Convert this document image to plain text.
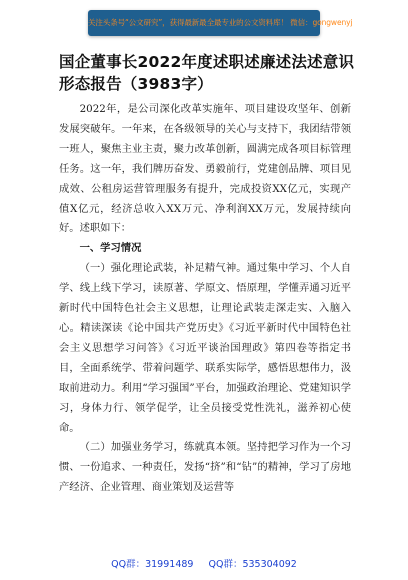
关注头条号“公文研究”，获得最新最全最专业的公文资料库！ 微信：gongwenyj
国企董事长2022年度述职述廉述法述意识形态报告（3983字）

2022年，是公司深化改革实施年、项目建设攻坚年、创新发展突破年。一年来，在各级领导的关心与支持下，我团结带领一班人，聚焦主业主责，聚力改革创新，圆满完成各项目标管理任务。这一年，我们牌历奋发、勇毅前行，党建创品牌、项目见成效、公租房运营管理服务有提升，完成投资XX亿元，实现产值X亿元，经济总收入XX万元、净利润XX万元，发展持续向好。述职如下：

一、学习情况

（一）强化理论武装，补足精气神。通过集中学习、个人自学、线上线下学习，读原著、学原文、悟原理，学懂弄通习近平新时代中国特色社会主义思想，让理论武装走深走实、入脑入心。精读深读《论中国共产党历史》《习近平新时代中国特色社会主义思想学习问答》《习近平谈治国理政》第四卷等指定书目，全面系统学、带着问题学、联系实际学，感悟思想伟力，汲取前进动力。利用“学习强国”平台，加强政治理论、党建知识学习，身体力行、领学促学，让全员接受党性洗礼，滋养初心使命。

（二）加强业务学习，练就真本领。坚持把学习作为一个习惯、一份追求、一种责任，发扬“挤”和“钻”的精神，学习了房地产经济、企业管理、商业策划及运营等

QQ群：31991489 QQ群：535304092
